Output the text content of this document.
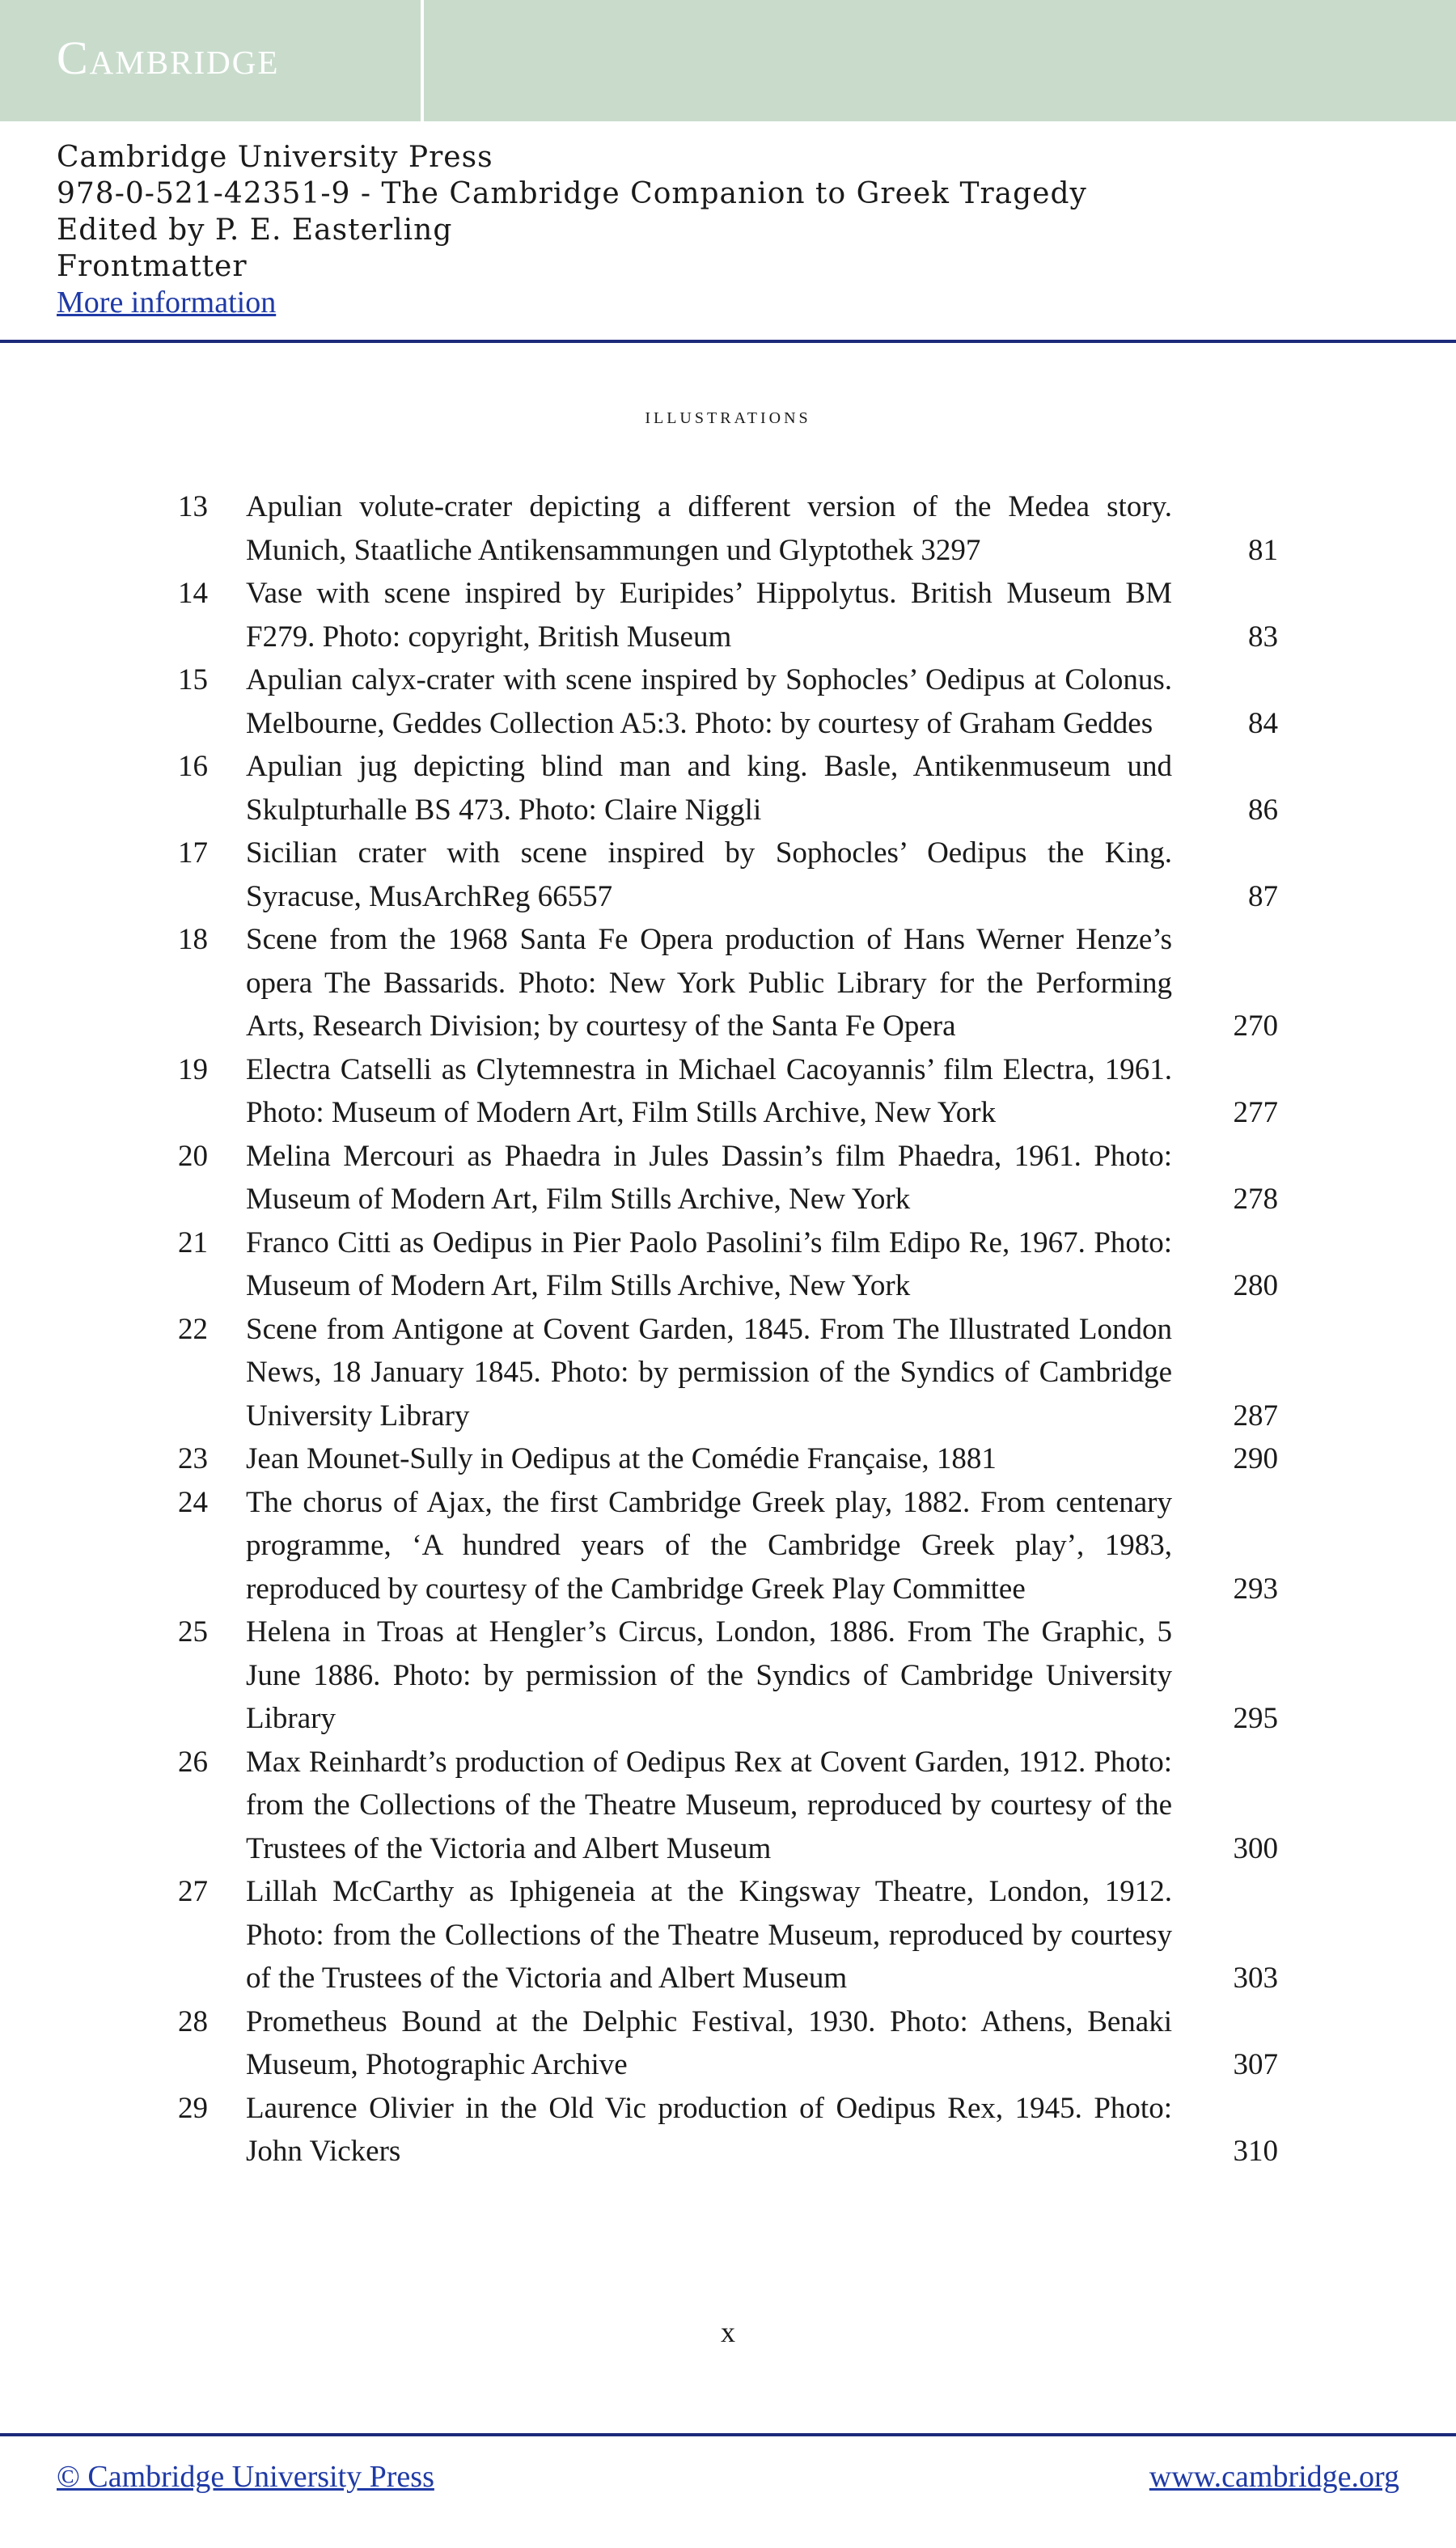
Cambridge
Cambridge University Press
978-0-521-42351-9 - The Cambridge Companion to Greek Tragedy
Edited by P. E. Easterling
Frontmatter
More information
illustrations
13	Apulian volute-crater depicting a different version of the Medea story. Munich, Staatliche Antikensammungen und Glyptothek 3297	81
14	Vase with scene inspired by Euripides’ Hippolytus. British Museum BM F279. Photo: copyright, British Museum	83
15	Apulian calyx-crater with scene inspired by Sophocles’ Oedipus at Colonus. Melbourne, Geddes Collection A5:3. Photo: by courtesy of Graham Geddes	84
16	Apulian jug depicting blind man and king. Basle, Antikenmuseum und Skulpturhalle BS 473. Photo: Claire Niggli	86
17	Sicilian crater with scene inspired by Sophocles’ Oedipus the King. Syracuse, MusArchReg 66557	87
18	Scene from the 1968 Santa Fe Opera production of Hans Werner Henze’s opera The Bassarids. Photo: New York Public Library for the Performing Arts, Research Division; by courtesy of the Santa Fe Opera	270
19	Electra Catselli as Clytemnestra in Michael Cacoyannis’ film Electra, 1961. Photo: Museum of Modern Art, Film Stills Archive, New York	277
20	Melina Mercouri as Phaedra in Jules Dassin’s film Phaedra, 1961. Photo: Museum of Modern Art, Film Stills Archive, New York	278
21	Franco Citti as Oedipus in Pier Paolo Pasolini’s film Edipo Re, 1967. Photo: Museum of Modern Art, Film Stills Archive, New York	280
22	Scene from Antigone at Covent Garden, 1845. From The Illustrated London News, 18 January 1845. Photo: by permission of the Syndics of Cambridge University Library	287
23	Jean Mounet-Sully in Oedipus at the Comédie Française, 1881	290
24	The chorus of Ajax, the first Cambridge Greek play, 1882. From centenary programme, ‘A hundred years of the Cambridge Greek play’, 1983, reproduced by courtesy of the Cambridge Greek Play Committee	293
25	Helena in Troas at Hengler’s Circus, London, 1886. From The Graphic, 5 June 1886. Photo: by permission of the Syndics of Cambridge University Library	295
26	Max Reinhardt’s production of Oedipus Rex at Covent Garden, 1912. Photo: from the Collections of the Theatre Museum, reproduced by courtesy of the Trustees of the Victoria and Albert Museum	300
27	Lillah McCarthy as Iphigeneia at the Kingsway Theatre, London, 1912. Photo: from the Collections of the Theatre Museum, reproduced by courtesy of the Trustees of the Victoria and Albert Museum	303
28	Prometheus Bound at the Delphic Festival, 1930. Photo: Athens, Benaki Museum, Photographic Archive	307
29	Laurence Olivier in the Old Vic production of Oedipus Rex, 1945. Photo: John Vickers	310
x
© Cambridge University Press	www.cambridge.org
